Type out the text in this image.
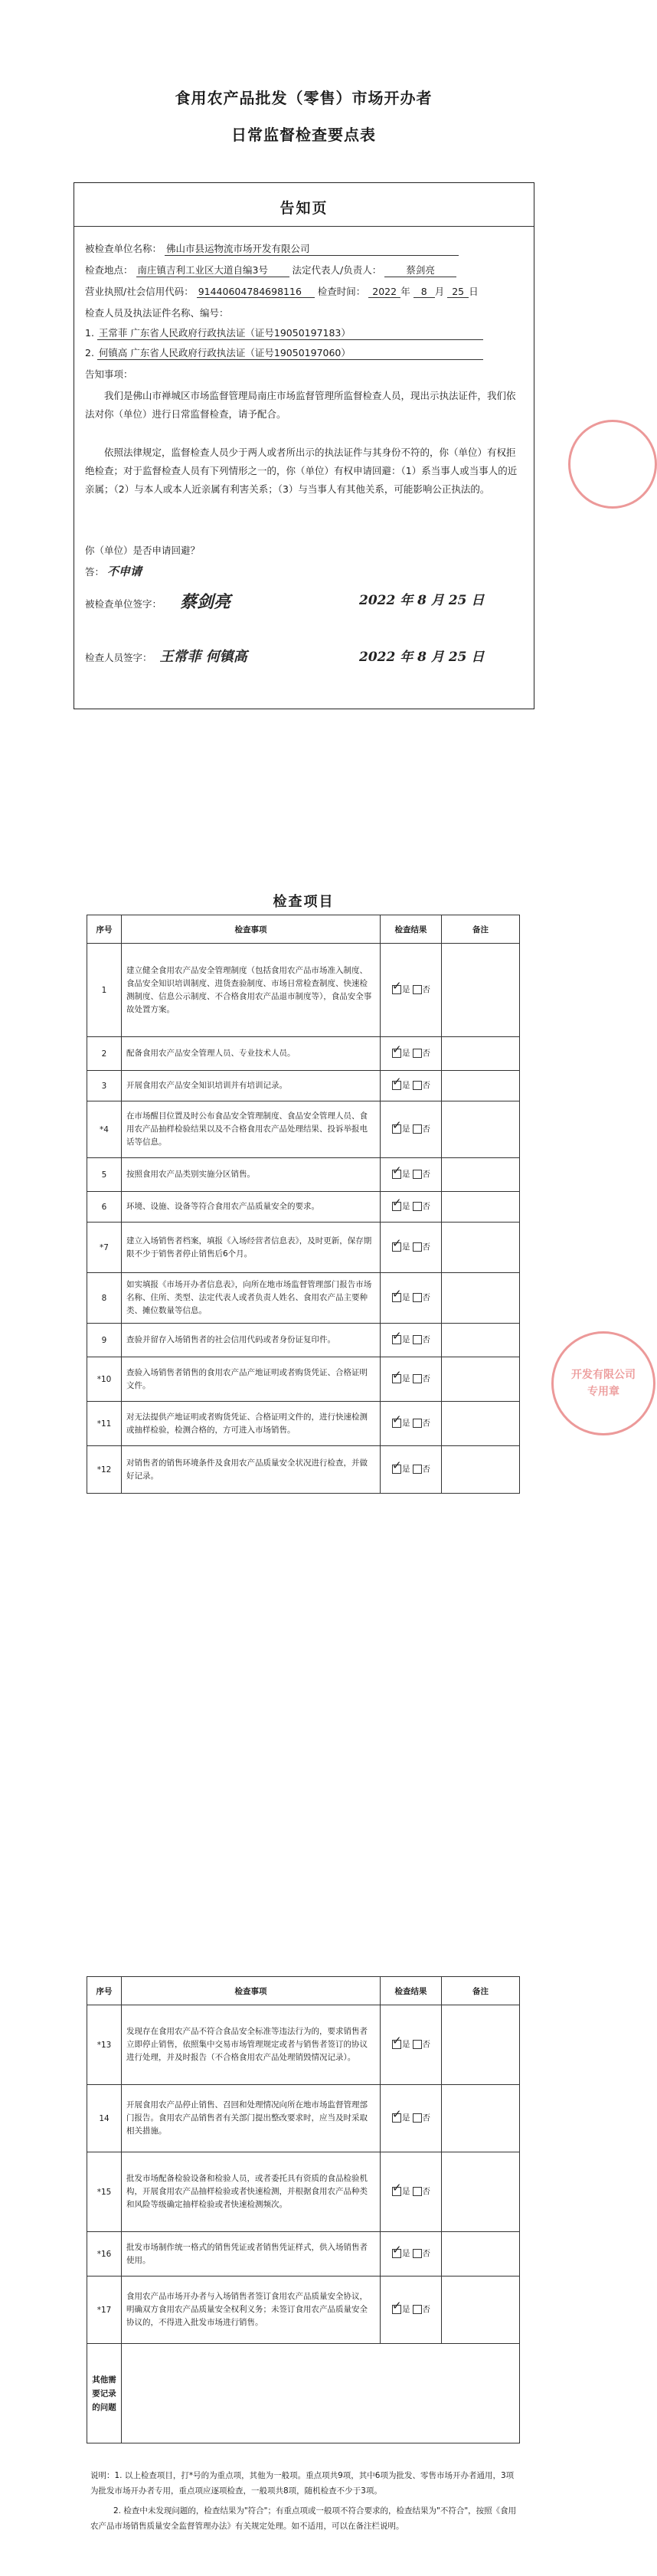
食用农产品批发（零售）市场开办者
日常监督检查要点表
告知页
被检查单位名称： 佛山市县运物流市场开发有限公司
检查地点： 南庄镇吉利工业区大道自编3号	法定代表人/负责人：	蔡剑亮
营业执照/社会信用代码： 91440604784698116 检查时间： 2022 年 8 月 25 日
检查人员及执法证件名称、编号：
1. 王常菲 广东省人民政府行政执法证（证号19050197183）
2. 何镇高 广东省人民政府行政执法证（证号19050197060）
告知事项：
我们是佛山市禅城区市场监督管理局南庄市场监督管理所监督检查人员，现出示执法证件，我们依法对你（单位）进行日常监督检查，请予配合。
依照法律规定，监督检查人员少于两人或者所出示的执法证件与其身份不符的，你（单位）有权拒绝检查；对于监督检查人员有下列情形之一的，你（单位）有权申请回避：（1）系当事人或当事人的近亲属；（2）与本人或本人近亲属有利害关系；（3）与当事人有其他关系，可能影响公正执法的。
你（单位）是否申请回避？
答： 不申请
被检查单位签字： 蔡剑亮	2022 年 8 月 25 日
检查人员签字： 王常菲 何镇高	2022 年 8 月 25 日
检查项目
序号	检查事项	检查结果	备注
1	建立健全食用农产品安全管理制度（包括食用农产品市场准入制度、食品安全知识培训制度、进货查验制度、市场日常检查制度、快速检测制度、信息公示制度、不合格食用农产品退市制度等），食品安全事故处置方案。	
✓
是 否

2	配备食用农产品安全管理人员、专业技术人员。	
✓是 否

3	开展食用农产品安全知识培训并有培训记录。	
✓是 否

*4	在市场醒目位置及时公布食品安全管理制度、食品安全管理人员、食用农产品抽样检验结果以及不合格食用农产品处理结果、投诉举报电话等信息。	
✓
是 否

5	按照食用农产品类别实施分区销售。	
✓是 否

6	环境、设施、设备等符合食用农产品质量安全的要求。	
✓是 否

*7	建立入场销售者档案，填报《入场经营者信息表》，及时更新，保存期限不少于销售者停止销售后6个月。	
✓
是 否

8	如实填报《市场开办者信息表》，向所在地市场监督管理部门报告市场名称、住所、类型、法定代表人或者负责人姓名、食用农产品主要种类、摊位数量等信息。	
✓
是 否

9	查验并留存入场销售者的社会信用代码或者身份证复印件。	
✓是 否

*10	查验入场销售者销售的食用农产品产地证明或者购货凭证、合格证明文件。	
✓
是 否

*11	对无法提供产地证明或者购货凭证、合格证明文件的，进行快速检测或抽样检验，检测合格的，方可进入市场销售。	
✓
是 否

*12	对销售者的销售环境条件及食用农产品质量安全状况进行检查，并做好记录。	
✓
是 否

开发有限公司
专用章
序号	检查事项	检查结果	备注
*13	发现存在食用农产品不符合食品安全标准等违法行为的，要求销售者立即停止销售，依照集中交易市场管理规定或者与销售者签订的协议进行处理，并及时报告（不合格食用农产品处理销毁情况记录）。	
✓
是 否

14	开展食用农产品停止销售、召回和处理情况向所在地市场监督管理部门报告。食用农产品销售者有关部门提出整改要求时，应当及时采取相关措施。	
✓
是 否

*15	批发市场配备检验设备和检验人员，或者委托具有资质的食品检验机构，开展食用农产品抽样检验或者快速检测，并根据食用农产品种类和风险等级确定抽样检验或者快速检测频次。	
✓
是 否

*16	批发市场制作统一格式的销售凭证或者销售凭证样式，供入场销售者使用。	
✓
是 否

*17	食用农产品市场开办者与入场销售者签订食用农产品质量安全协议，明确双方食用农产品质量安全权利义务；未签订食用农产品质量安全协议的，不得进入批发市场进行销售。	
✓
是 否

其他需要记录的问题			
说明：1. 以上检查项目，打*号的为重点项，其他为一般项。重点项共9项，其中6项为批发、零售市场开办者通用，3项为批发市场开办者专用，重点项应逐项检查，一般项共8项，随机检查不少于3项。
2. 检查中未发现问题的，检查结果为"符合"；有重点项或一般项不符合要求的，检查结果为"不符合"，按照《食用农产品市场销售质量安全监督管理办法》有关规定处理。如不适用，可以在备注栏说明。
